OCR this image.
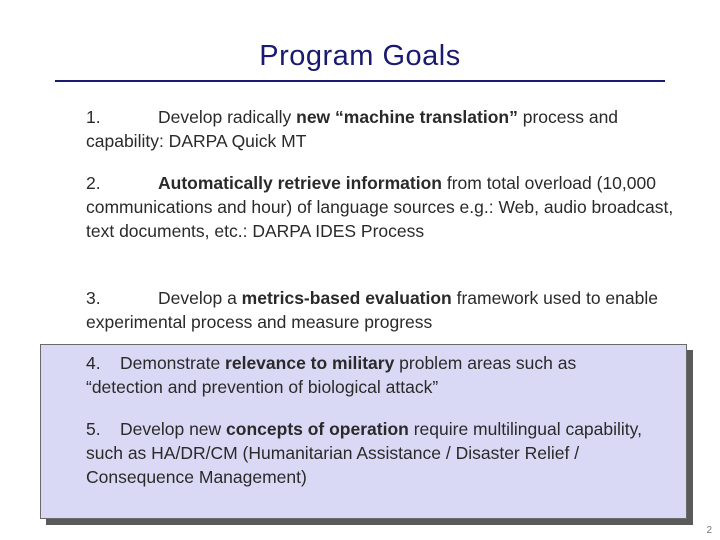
Program Goals
1.	Develop radically new “machine translation” process and capability: DARPA Quick MT
2.	Automatically retrieve information from total overload (10,000 communications and hour) of language sources e.g.: Web, audio broadcast, text documents, etc.: DARPA IDES Process
3.	Develop a metrics-based evaluation framework used to enable experimental process and measure progress
4. Demonstrate relevance to military problem areas such as “detection and prevention of biological attack”
5. Develop new concepts of operation require multilingual capability, such as HA/DR/CM (Humanitarian Assistance / Disaster Relief / Consequence Management)
2
